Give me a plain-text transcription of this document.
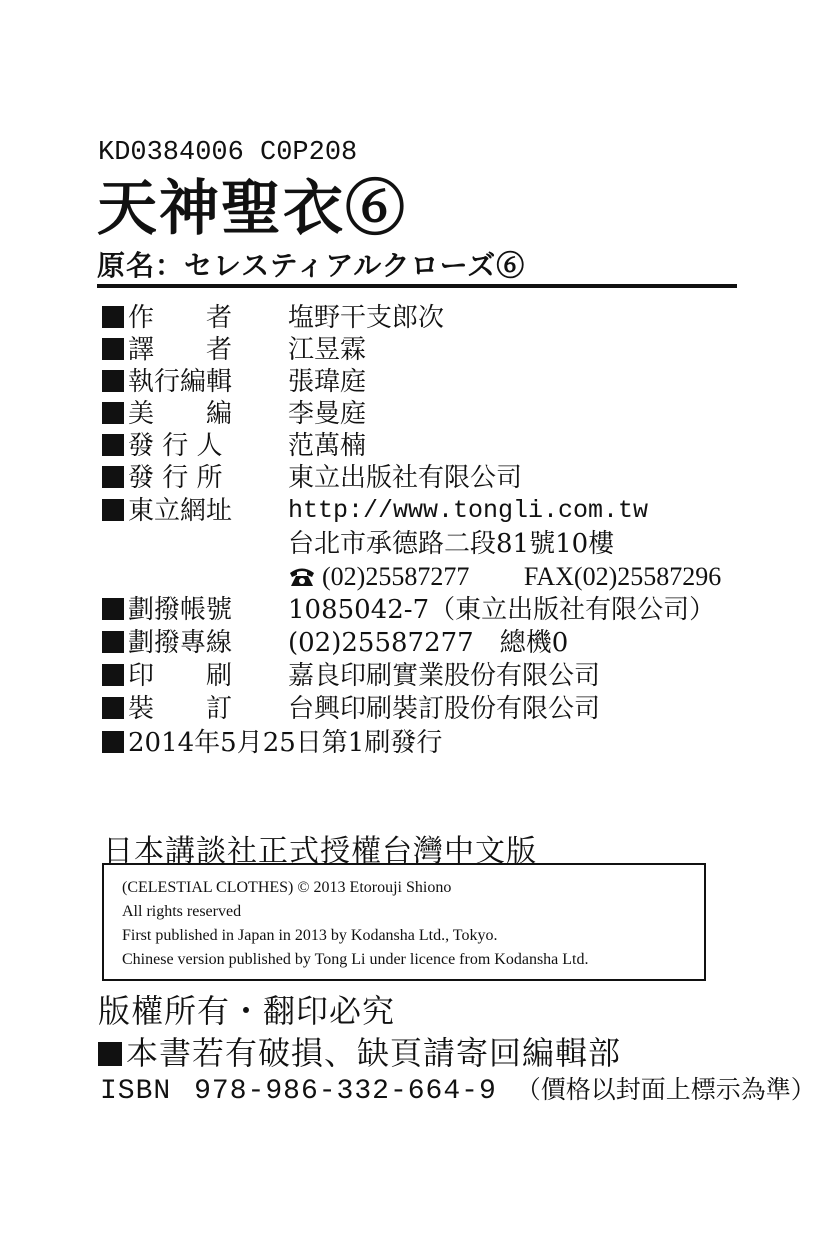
KD0384006 C0P208
天神聖衣⑥
原名：セレスティアルクローズ⑥
作　　者 塩野干支郎次
譯　　者 江昱霖
執行編輯 張瑋庭
美　　編 李曼庭
發 行 人	范萬楠
發 行 所	東立出版社有限公司
東立網址 http://www.tongli.com.tw
台北市承德路二段81號10樓
(02)25587277 FAX(02)25587296
劃撥帳號 1085042-7（東立出版社有限公司）
劃撥專線 (02)25587277　總機0
印　　刷 嘉良印刷實業股份有限公司
裝　　訂 台興印刷裝訂股份有限公司
2014年5月25日第1刷發行
日本講談社正式授權台灣中文版
(CELESTIAL CLOTHES) © 2013 Etorouji Shiono
All rights reserved
First published in Japan in 2013 by Kodansha Ltd., Tokyo.
Chinese version published by Tong Li under licence from Kodansha Ltd.
版權所有・翻印必究
本書若有破損、缺頁請寄回編輯部
ISBN 978-986-332-664-9 （價格以封面上標示為準）
